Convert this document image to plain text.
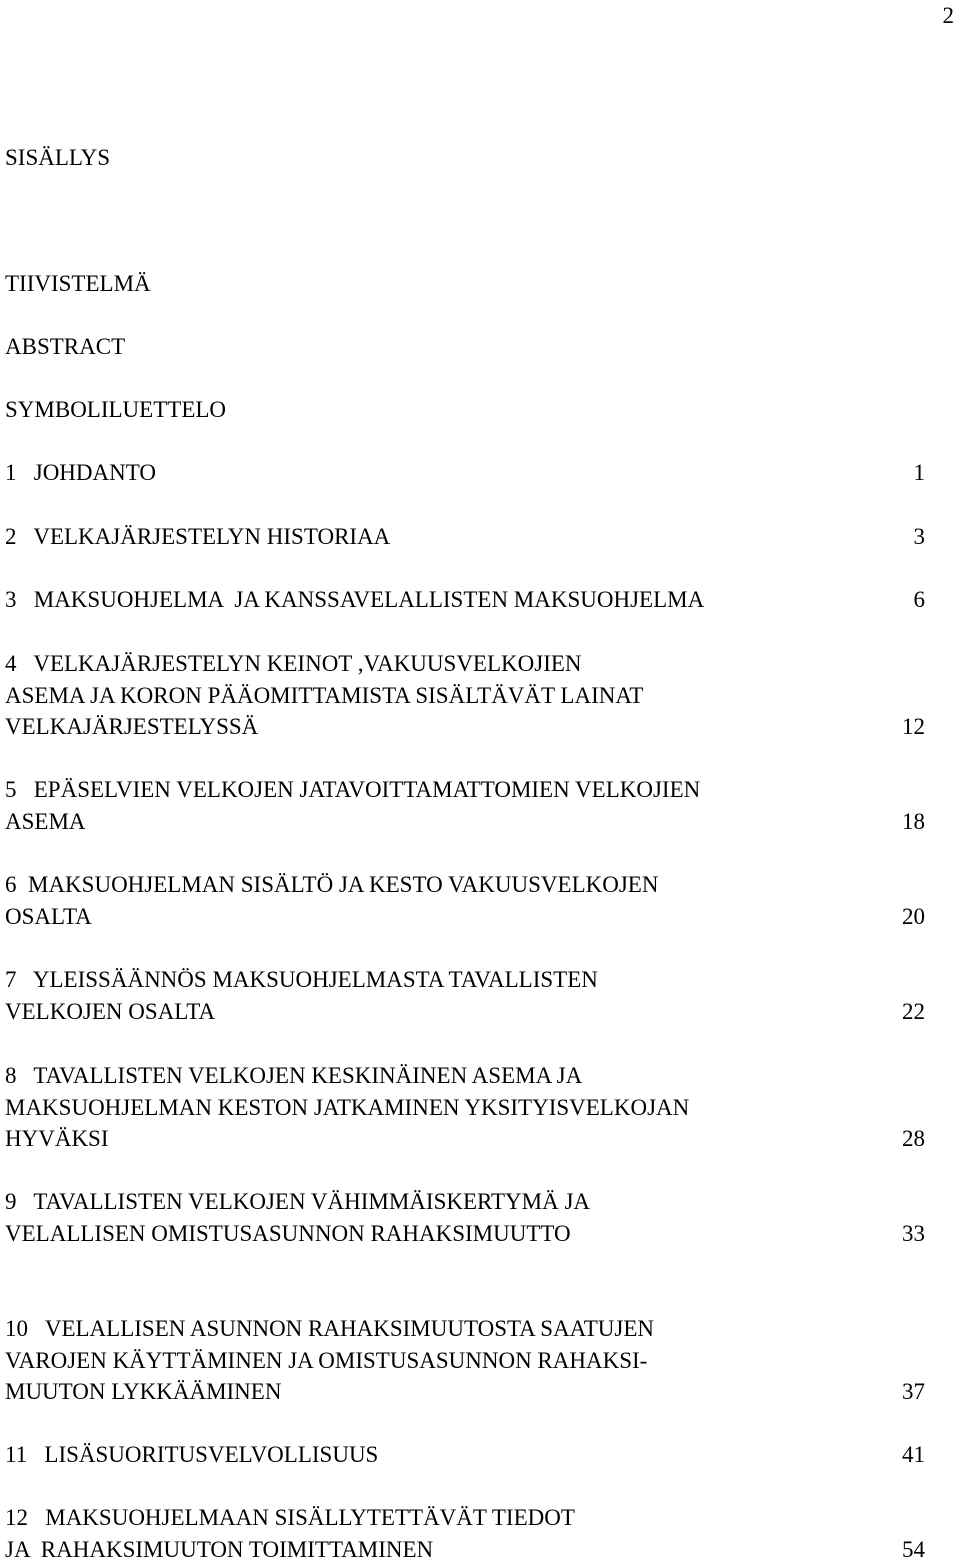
2
SISÄLLYS
TIIVISTELMÄ
ABSTRACT
SYMBOLILUETTELO
1   JOHDANTO	1
2   VELKAJÄRJESTELYN HISTORIAA	3
3   MAKSUOHJELMA  JA KANSSAVELALLISTEN MAKSUOHJELMA	6
4   VELKAJÄRJESTELYN KEINOT ,VAKUUSVELKOJIEN
ASEMA JA KORON PÄÄOMITTAMISTA SISÄLTÄVÄT LAINAT
VELKAJÄRJESTELYSSÄ	12
5   EPÄSELVIEN VELKOJEN JATAVOITTAMATTOMIEN VELKOJIEN
ASEMA	18
6  MAKSUOHJELMAN SISÄLTÖ JA KESTO VAKUUSVELKOJEN
OSALTA	20
7   YLEISSÄÄNNÖS MAKSUOHJELMASTA TAVALLISTEN
VELKOJEN OSALTA	22
8   TAVALLISTEN VELKOJEN KESKINÄINEN ASEMA JA
MAKSUOHJELMAN KESTON JATKAMINEN YKSITYISVELKOJAN
HYVÄKSI	28
9   TAVALLISTEN VELKOJEN VÄHIMMÄISKERTYMÄ JA
VELALLISEN OMISTUSASUNNON RAHAKSIMUUTTO	33
10   VELALLISEN ASUNNON RAHAKSIMUUTOSTA SAATUJEN
VAROJEN KÄYTTÄMINEN JA OMISTUSASUNNON RAHAKSI-
MUUTON LYKKÄÄMINEN	37
11   LISÄSUORITUSVELVOLLISUUS	41
12   MAKSUOHJELMAAN SISÄLLYTETTÄVÄT TIEDOT
JA  RAHAKSIMUUTON TOIMITTAMINEN	54
